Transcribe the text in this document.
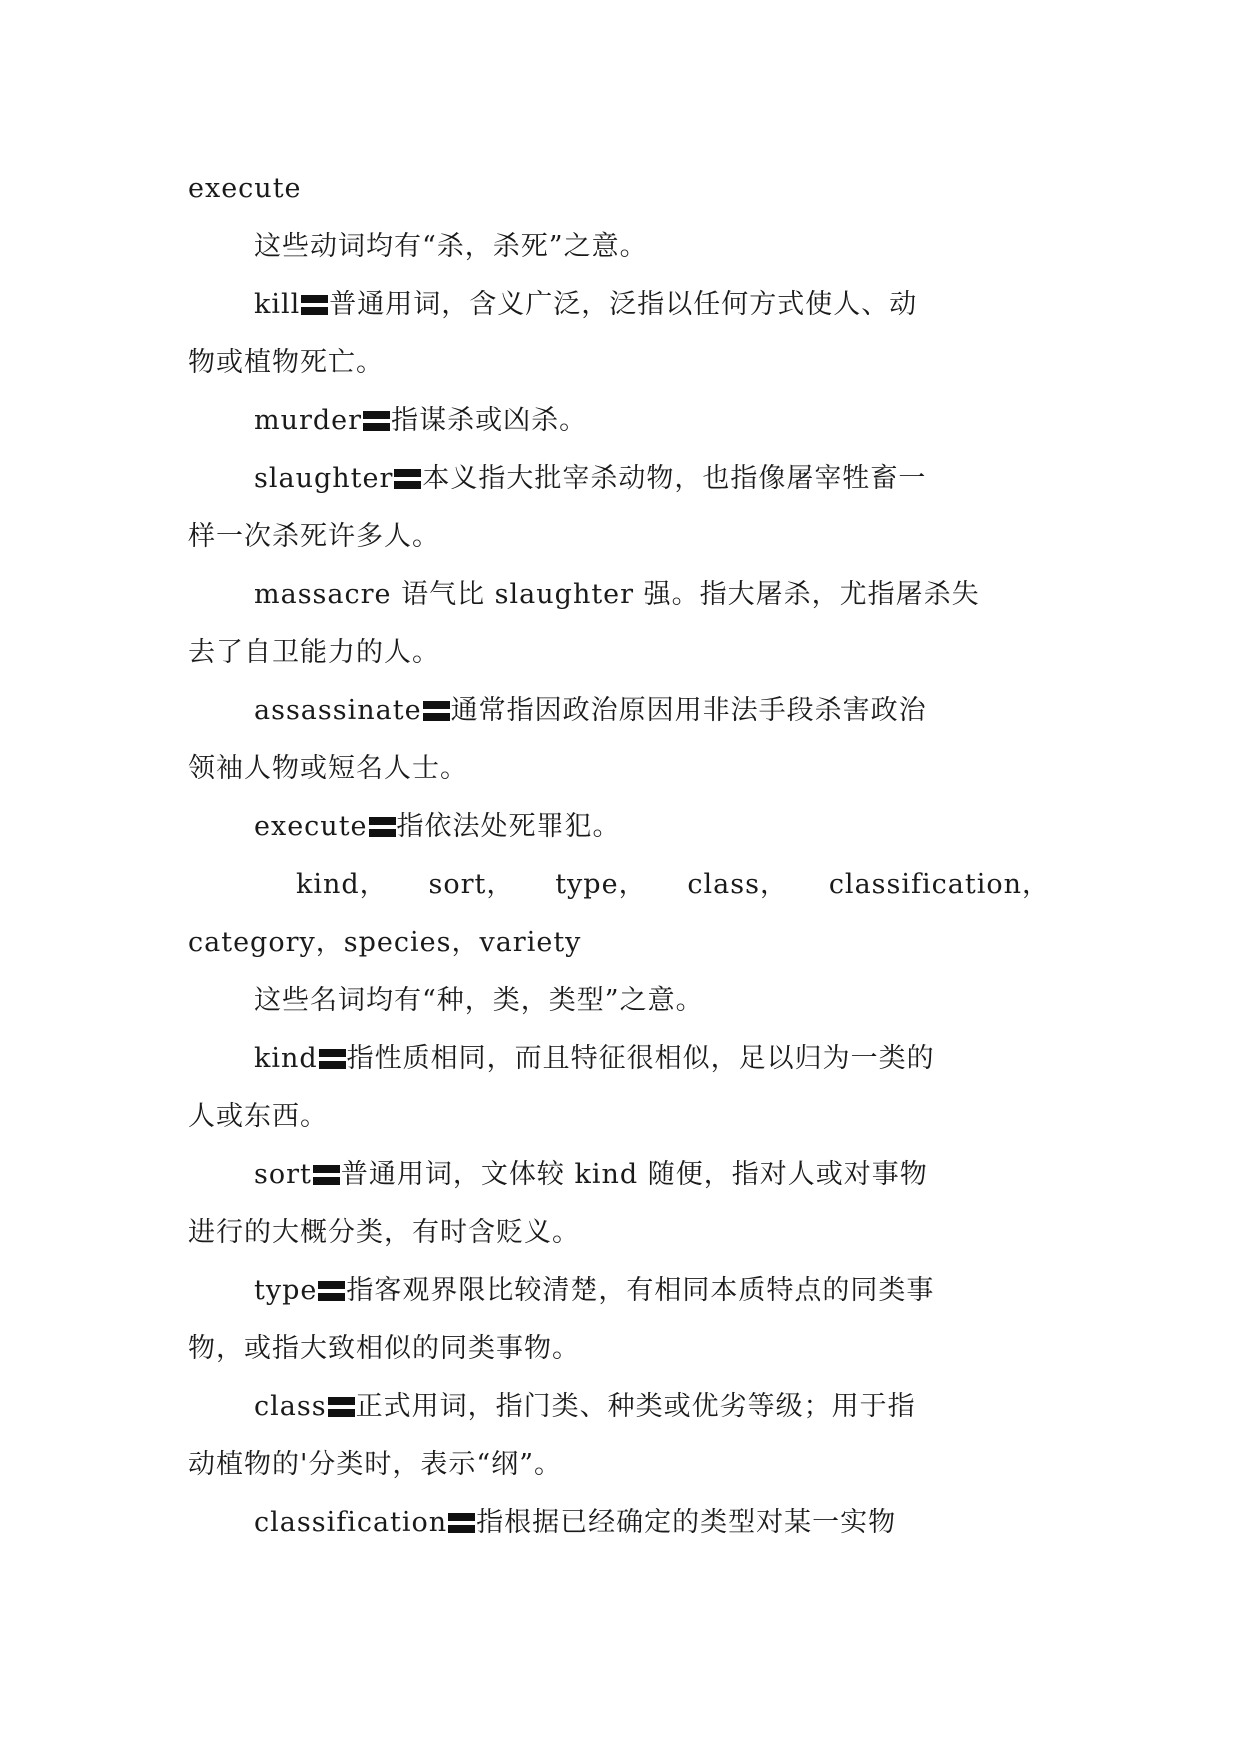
execute
这些动词均有“杀，杀死”之意。
kill 普通用词，含义广泛，泛指以任何方式使人、动
物或植物死亡。
murder 指谋杀或凶杀。
slaughter 本义指大批宰杀动物，也指像屠宰牲畜一
样一次杀死许多人。
massacre 语气比 slaughter 强。指大屠杀，尤指屠杀失
去了自卫能力的人。
assassinate 通常指因政治原因用非法手段杀害政治
领袖人物或短名人士。
execute 指依法处死罪犯。
kind， sort， type， class， classification，
category，species，variety
这些名词均有“种，类，类型”之意。
kind 指性质相同，而且特征很相似，足以归为一类的
人或东西。
sort 普通用词，文体较 kind 随便，指对人或对事物
进行的大概分类，有时含贬义。
type 指客观界限比较清楚，有相同本质特点的同类事
物，或指大致相似的同类事物。
class 正式用词，指门类、种类或优劣等级；用于指
动植物的'分类时，表示“纲”。
classification 指根据已经确定的类型对某一实物
